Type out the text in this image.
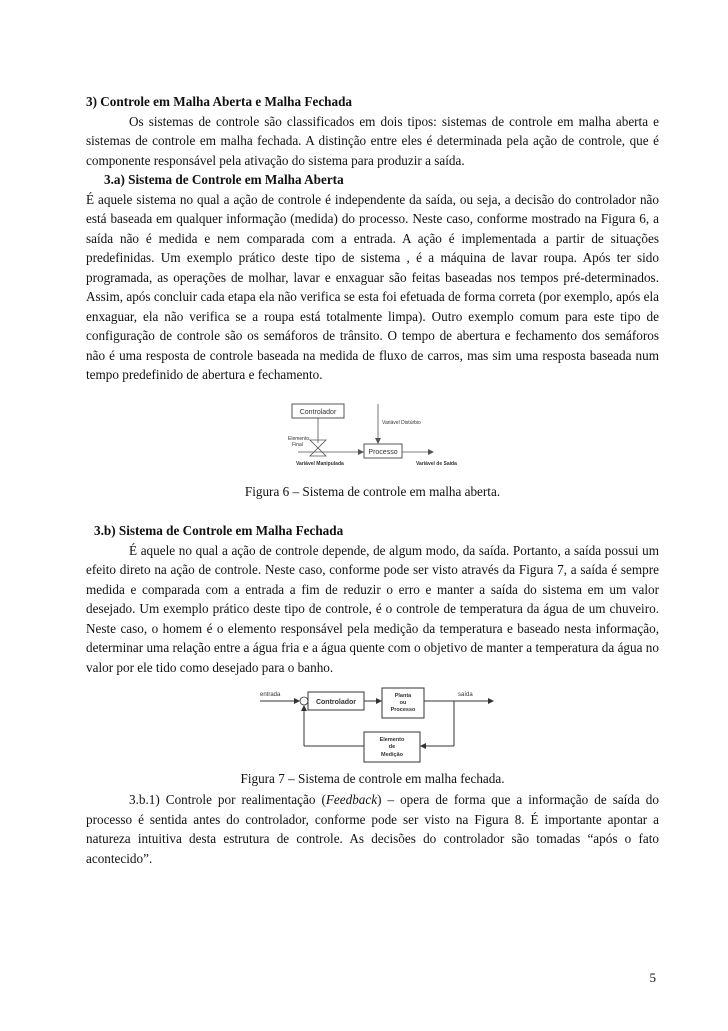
3) Controle em Malha Aberta e Malha Fechada

Os sistemas de controle são classificados em dois tipos: sistemas de controle em malha aberta e sistemas de controle em malha fechada. A distinção entre eles é determinada pela ação de controle, que é componente responsável pela ativação do sistema para produzir a saída.

3.a) Sistema de Controle em Malha Aberta

É aquele sistema no qual a ação de controle é independente da saída, ou seja, a decisão do controlador não está baseada em qualquer informação (medida) do processo. Neste caso, conforme mostrado na Figura 6, a saída não é medida e nem comparada com a entrada. A ação é implementada a partir de situações predefinidas. Um exemplo prático deste tipo de sistema , é a máquina de lavar roupa. Após ter sido programada, as operações de molhar, lavar e enxaguar são feitas baseadas nos tempos pré-determinados. Assim, após concluir cada etapa ela não verifica se esta foi efetuada de forma correta (por exemplo, após ela enxaguar, ela não verifica se a roupa está totalmente limpa). Outro exemplo comum para este tipo de configuração de controle são os semáforos de trânsito. O tempo de abertura e fechamento dos semáforos não é uma resposta de controle baseada na medida de fluxo de carros, mas sim uma resposta baseada num tempo predefinido de abertura e fechamento.

Controlador
Elemento
Final
Processo
Variável Distúrbio
Variável Manipulada	Variável de Saída
Figura 6 – Sistema de controle em malha aberta.

3.b) Sistema de Controle em Malha Fechada

É aquele no qual a ação de controle depende, de algum modo, da saída. Portanto, a saída possui um efeito direto na ação de controle. Neste caso, conforme pode ser visto através da Figura 7, a saída é sempre medida e comparada com a entrada a fim de reduzir o erro e manter a saída do sistema em um valor desejado. Um exemplo prático deste tipo de controle, é o controle de temperatura da água de um chuveiro. Neste caso, o homem é o elemento responsável pela medição da temperatura e baseado nesta informação, determinar uma relação entre a água fria e a água quente com o objetivo de manter a temperatura da água no valor por ele tido como desejado para o banho.

entrada
Controlador
Planta
ou
Processo
saída
Elemento
de
Medição
Figura 7 – Sistema de controle em malha fechada.

3.b.1) Controle por realimentação (Feedback) – opera de forma que a informação de saída do processo é sentida antes do controlador, conforme pode ser visto na Figura 8. É importante apontar a natureza intuitiva desta estrutura de controle. As decisões do controlador são tomadas “após o fato acontecido”.

5
